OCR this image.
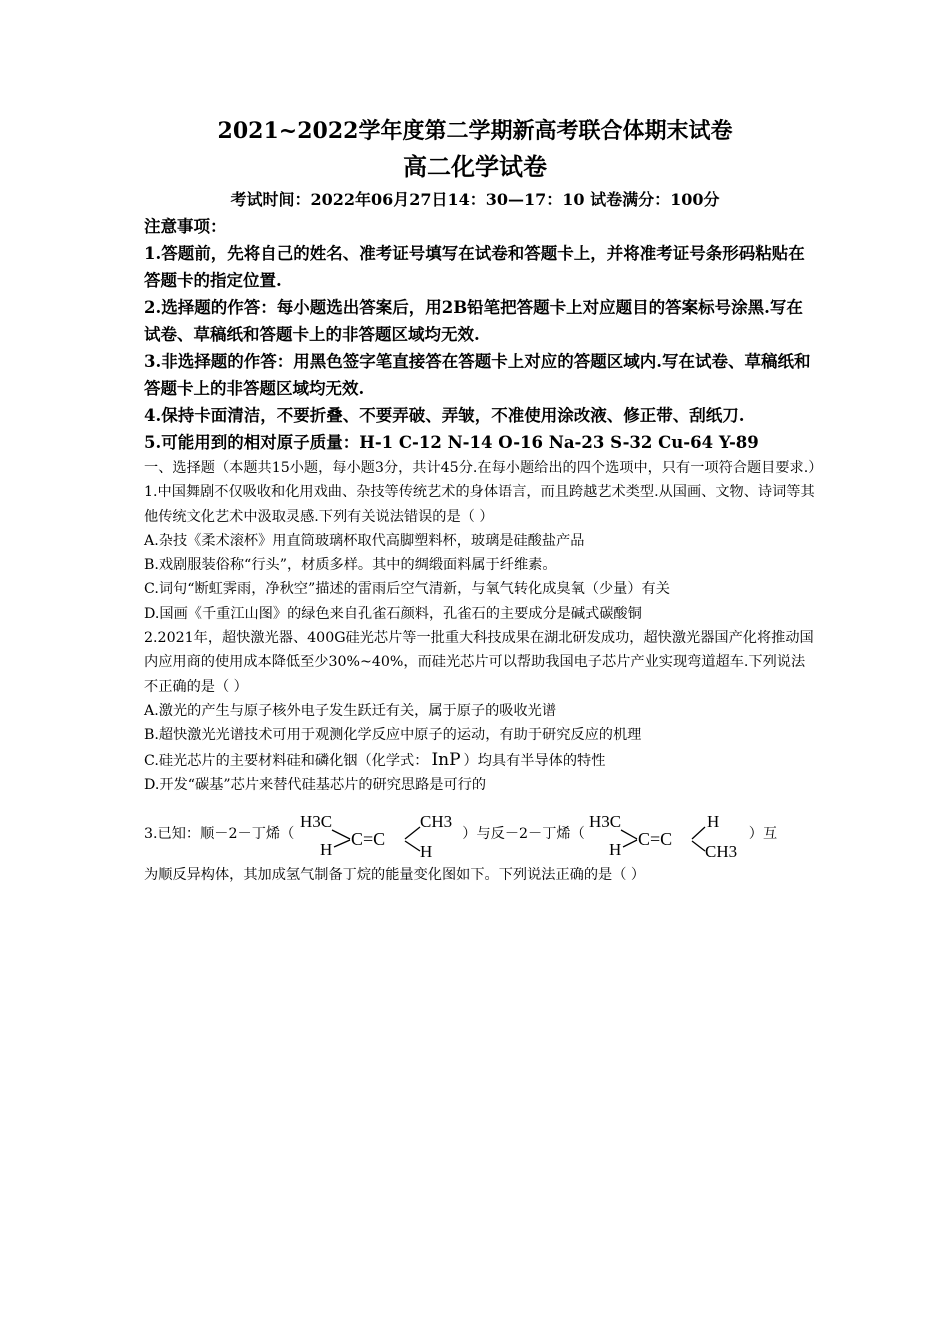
2021~2022学年度第二学期新高考联合体期末试卷
高二化学试卷
考试时间：2022年06月27日14：30—17：10 试卷满分：100分

注意事项：

1.答题前，先将自己的姓名、准考证号填写在试卷和答题卡上，并将准考证号条形码粘贴在答题卡的指定位置.

2.选择题的作答：每小题选出答案后，用2B铅笔把答题卡上对应题目的答案标号涂黑.写在试卷、草稿纸和答题卡上的非答题区域均无效.

3.非选择题的作答：用黑色签字笔直接答在答题卡上对应的答题区域内.写在试卷、草稿纸和答题卡上的非答题区域均无效.

4.保持卡面清洁，不要折叠、不要弄破、弄皱，不准使用涂改液、修正带、刮纸刀.

5.可能用到的相对原子质量：H-1 C-12 N-14 O-16 Na-23 S-32 Cu-64 Y-89

一、选择题（本题共15小题，每小题3分，共计45分.在每小题给出的四个选项中，只有一项符合题目要求.）

1.中国舞剧不仅吸收和化用戏曲、杂技等传统艺术的身体语言，而且跨越艺术类型.从国画、文物、诗词等其他传统文化艺术中汲取灵感.下列有关说法错误的是（ ）

A.杂技《柔术滚杯》用直筒玻璃杯取代高脚塑料杯，玻璃是硅酸盐产品

B.戏剧服装俗称“行头”，材质多样。其中的绸缎面料属于纤维素。

C.词句“断虹霁雨，净秋空”描述的雷雨后空气清新，与氧气转化成臭氧（少量）有关

D.国画《千重江山图》的绿色来自孔雀石颜料，孔雀石的主要成分是碱式碳酸铜

2.2021年，超快激光器、400G硅光芯片等一批重大科技成果在湖北研发成功，超快激光器国产化将推动国内应用商的使用成本降低至少30%~40%，而硅光芯片可以帮助我国电子芯片产业实现弯道超车.下列说法不正确的是（ ）

A.激光的产生与原子核外电子发生跃迁有关，属于原子的吸收光谱

B.超快激光光谱技术可用于观测化学反应中原子的运动，有助于研究反应的机理

C.硅光芯片的主要材料硅和磷化铟（化学式： InP ）均具有半导体的特性

D.开发“碳基”芯片来替代硅基芯片的研究思路是可行的

3.已知：顺－2－丁烯（
H3C
H
C=C
CH3
H
）与反－2－丁烯（
H3C
H
C=C
H
CH3
）互

为顺反异构体，其加成氢气制备丁烷的能量变化图如下。下列说法正确的是（ ）
